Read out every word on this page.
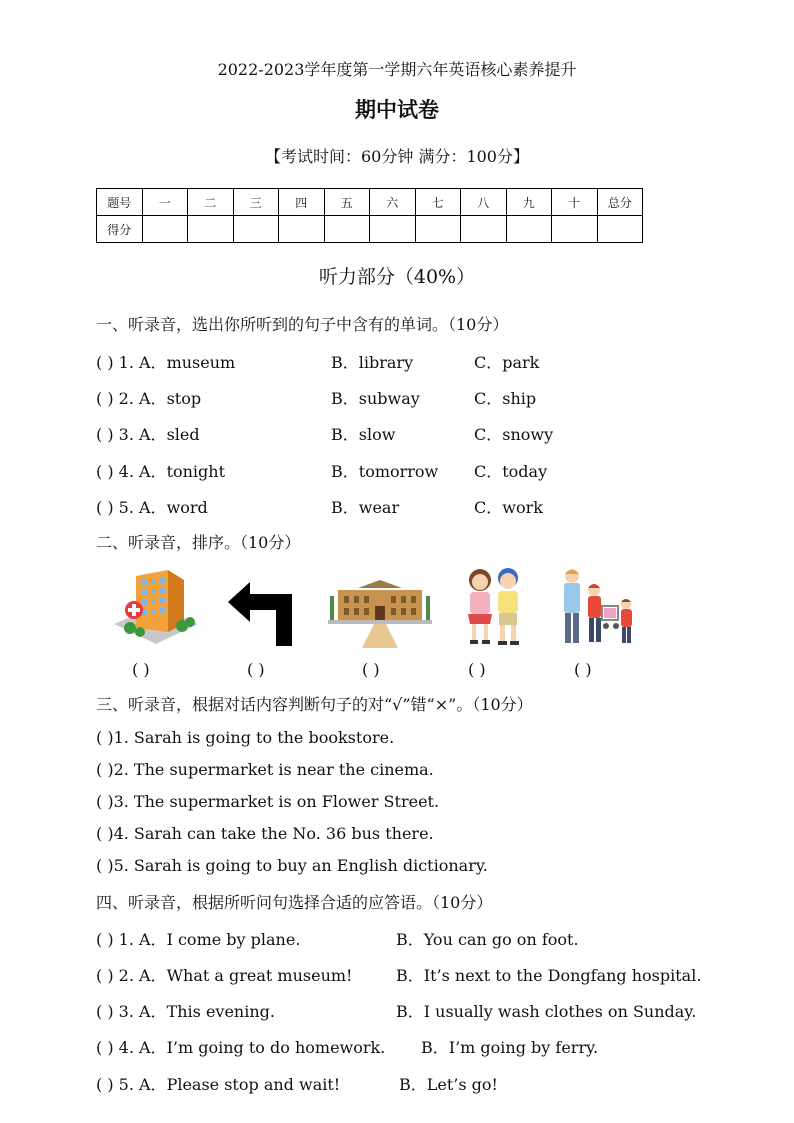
2022-2023学年度第一学期六年英语核心素养提升
期中试卷
【考试时间：60分钟 满分：100分】
题号	一	二	三	四	五	六	七	八	九	十	总分
得分											
听力部分（40%）
一、听录音，选出你所听到的句子中含有的单词。（10分）
( ) 1. A．museum	B．library	C．park
( ) 2. A．stop	B．subway	C．ship
( ) 3. A．sled	B．slow	C．snowy
( ) 4. A．tonight	B．tomorrow C．today
( ) 5. A．word	B．wear	C．work
二、听录音，排序。（10分）
( )	( )	( )	( )	( )
三、听录音，根据对话内容判断句子的对“√”错“×”。（10分）
( )1. Sarah is going to the bookstore.
( )2. The supermarket is near the cinema.
( )3. The supermarket is on Flower Street.
( )4. Sarah can take the No. 36 bus there.
( )5. Sarah is going to buy an English dictionary.
四、听录音，根据所听问句选择合适的应答语。（10分）
( ) 1. A．I come by plane.	B．You can go on foot.
( ) 2. A．What a great museum!	B．It’s next to the Dongfang hospital.
( ) 3. A．This evening.	B．I usually wash clothes on Sunday.
( ) 4. A．I’m going to do homework. B．I’m going by ferry.
( ) 5. A．Please stop and wait!	B．Let’s go!
